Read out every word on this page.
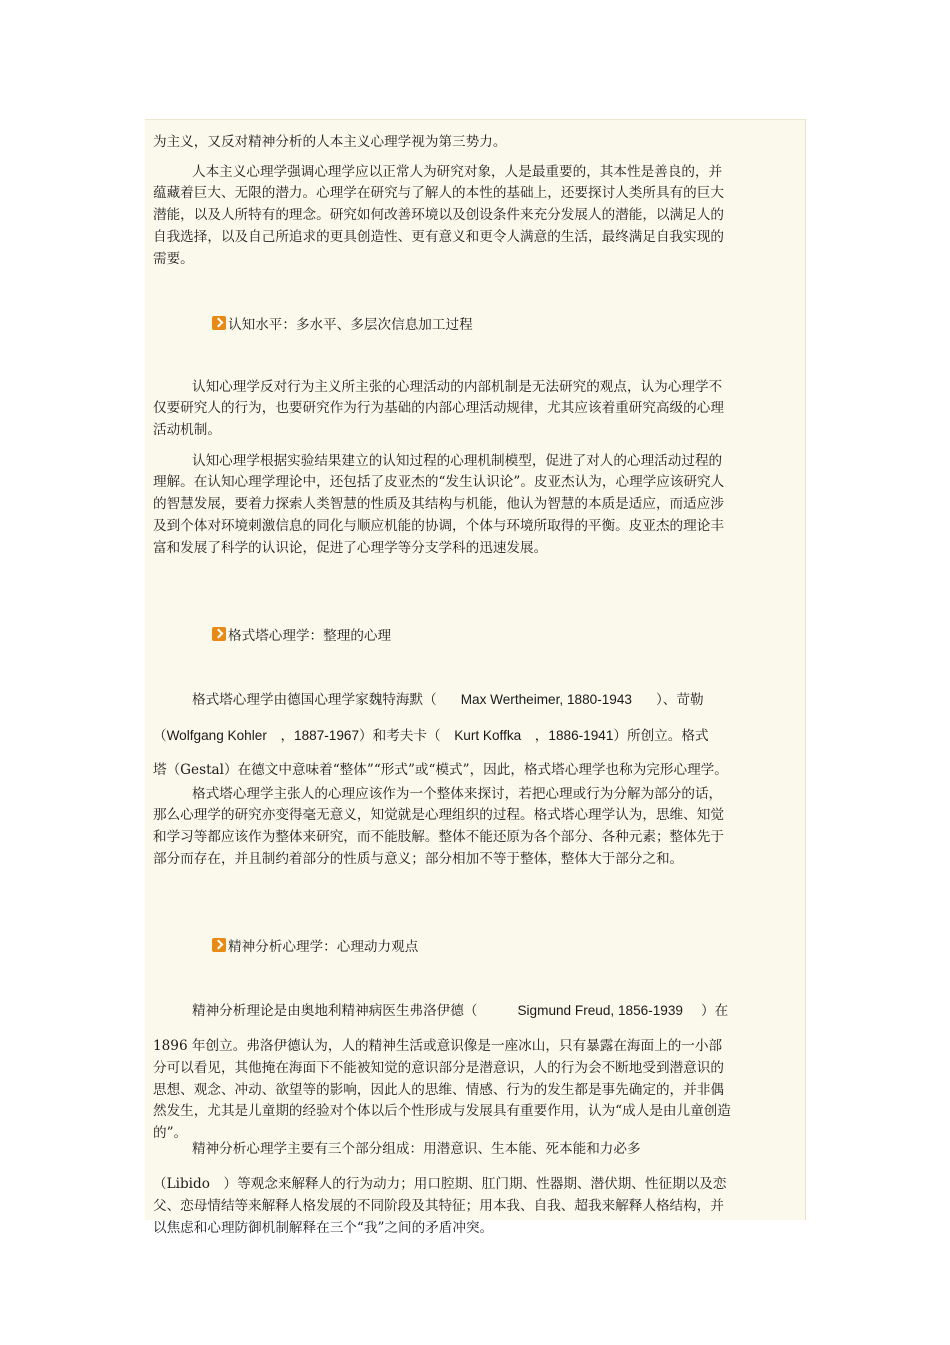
为主义，又反对精神分析的人本主义心理学视为第三势力。

人本主义心理学强调心理学应以正常人为研究对象，人是最重要的，其本性是善良的，并蕴藏着巨大、无限的潜力。心理学在研究与了解人的本性的基础上，还要探讨人类所具有的巨大潜能，以及人所特有的理念。研究如何改善环境以及创设条件来充分发展人的潜能，以满足人的自我选择，以及自己所追求的更具创造性、更有意义和更令人满意的生活，最终满足自我实现的需要。

认知水平：多水平、多层次信息加工过程

认知心理学反对行为主义所主张的心理活动的内部机制是无法研究的观点，认为心理学不仅要研究人的行为，也要研究作为行为基础的内部心理活动规律，尤其应该着重研究高级的心理活动机制。

认知心理学根据实验结果建立的认知过程的心理机制模型，促进了对人的心理活动过程的理解。在认知心理学理论中，还包括了皮亚杰的“发生认识论”。皮亚杰认为，心理学应该研究人的智慧发展，要着力探索人类智慧的性质及其结构与机能，他认为智慧的本质是适应，而适应涉及到个体对环境刺激信息的同化与顺应机能的协调，个体与环境所取得的平衡。皮亚杰的理论丰富和发展了科学的认识论，促进了心理学等分支学科的迅速发展。

格式塔心理学：整理的心理

格式塔心理学由德国心理学家魏特海默（ Max Wertheimer, 1880-1943 ）、苛勒

（Wolfgang Kohler　，1887-1967）和考夫卡（　Kurt Koffka　，1886-1941）所创立。格式

塔（Gestal）在德文中意味着“整体”“形式”或“模式”，因此，格式塔心理学也称为完形心理学。

格式塔心理学主张人的心理应该作为一个整体来探讨，若把心理或行为分解为部分的话，那么心理学的研究亦变得毫无意义，知觉就是心理组织的过程。格式塔心理学认为，思维、知觉和学习等都应该作为整体来研究，而不能肢解。整体不能还原为各个部分、各种元素；整体先于部分而存在，并且制约着部分的性质与意义；部分相加不等于整体，整体大于部分之和。

精神分析心理学：心理动力观点

精神分析理论是由奥地利精神病医生弗洛伊德（	Sigmund Freud, 1856-1939 ）在

1896 年创立。弗洛伊德认为，人的精神生活或意识像是一座冰山，只有暴露在海面上的一小部分可以看见，其他掩在海面下不能被知觉的意识部分是潜意识，人的行为会不断地受到潜意识的思想、观念、冲动、欲望等的影响，因此人的思维、情感、行为的发生都是事先确定的，并非偶然发生，尤其是儿童期的经验对个体以后个性形成与发展具有重要作用，认为“成人是由儿童创造的”。

精神分析心理学主要有三个部分组成：用潜意识、生本能、死本能和力必多

（Libido　）等观念来解释人的行为动力；用口腔期、肛门期、性器期、潜伏期、性征期以及恋父、恋母情结等来解释人格发展的不同阶段及其特征；用本我、自我、超我来解释人格结构，并以焦虑和心理防御机制解释在三个“我”之间的矛盾冲突。
